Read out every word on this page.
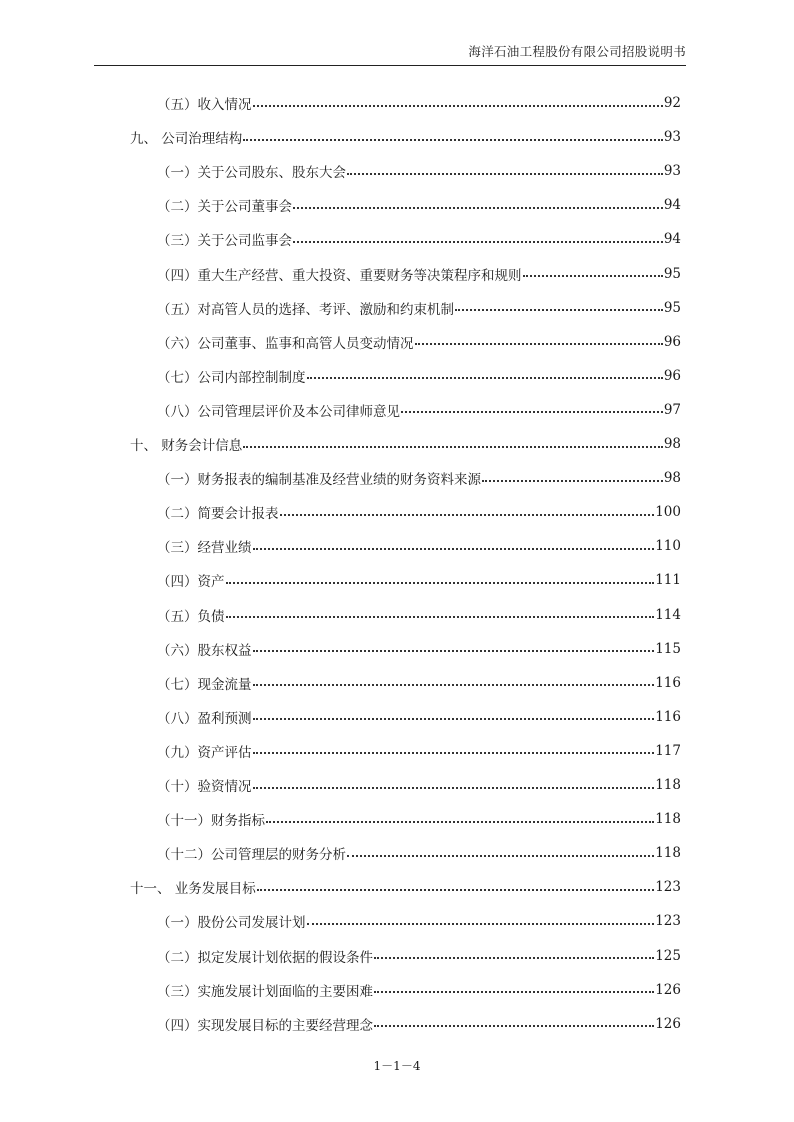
海洋石油工程股份有限公司招股说明书
（五）收入情况	92
九、 公司治理结构	93
（一）关于公司股东、股东大会	93
（二）关于公司董事会	94
（三）关于公司监事会	94
（四）重大生产经营、重大投资、重要财务等决策程序和规则	95
（五）对高管人员的选择、考评、激励和约束机制	95
（六）公司董事、监事和高管人员变动情况	96
（七）公司内部控制制度	96
（八）公司管理层评价及本公司律师意见	97
十、 财务会计信息	98
（一）财务报表的编制基准及经营业绩的财务资料来源	98
（二）简要会计报表	100
（三）经营业绩	110
（四）资产	111
（五）负债	114
（六）股东权益	115
（七）现金流量	116
（八）盈利预测	116
（九）资产评估	117
（十）验资情况	118
（十一）财务指标	118
（十二）公司管理层的财务分析	118
十一、 业务发展目标	123
（一）股份公司发展计划	123
（二）拟定发展计划依据的假设条件	125
（三）实施发展计划面临的主要困难	126
（四）实现发展目标的主要经营理念	126
1－1－4
